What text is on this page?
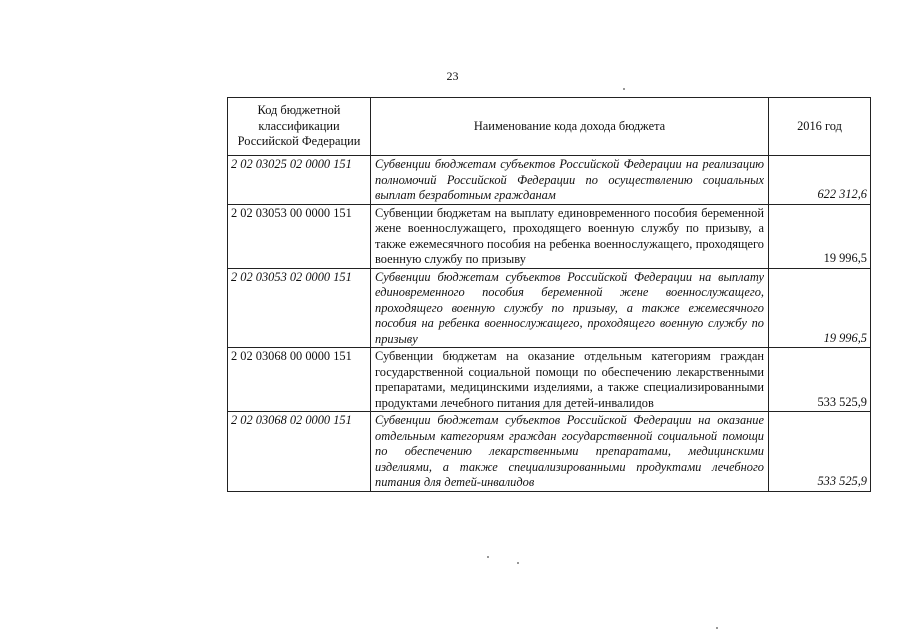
23
Код бюджетной классификации Российской Федерации	Наименование кода дохода бюджета	2016 год
2 02 03025 02 0000 151	Субвенции бюджетам субъектов Российской Федерации на реализацию полномочий Российской Федерации по осуществлению социальных выплат безработным гражданам	622 312,6
2 02 03053 00 0000 151	Субвенции бюджетам на выплату единовременного пособия беременной жене военнослужащего, проходящего военную службу по призыву, а также ежемесячного пособия на ребенка военнослужащего, проходящего военную службу по призыву	19 996,5
2 02 03053 02 0000 151	Субвенции бюджетам субъектов Российской Федерации на выплату единовременного пособия беременной жене военнослужащего, проходящего военную службу по призыву, а также ежемесячного пособия на ребенка военнослужащего, проходящего военную службу по призыву	19 996,5
2 02 03068 00 0000 151	Субвенции бюджетам на оказание отдельным категориям граждан государственной социальной помощи по обеспечению лекарственными препаратами, медицинскими изделиями, а также специализированными продуктами лечебного питания для детей-инвалидов	533 525,9
2 02 03068 02 0000 151	Субвенции бюджетам субъектов Российской Федерации на оказание отдельным категориям граждан государственной социальной помощи по обеспечению лекарственными препаратами, медицинскими изделиями, а также специализированными продуктами лечебного питания для детей-инвалидов	533 525,9
